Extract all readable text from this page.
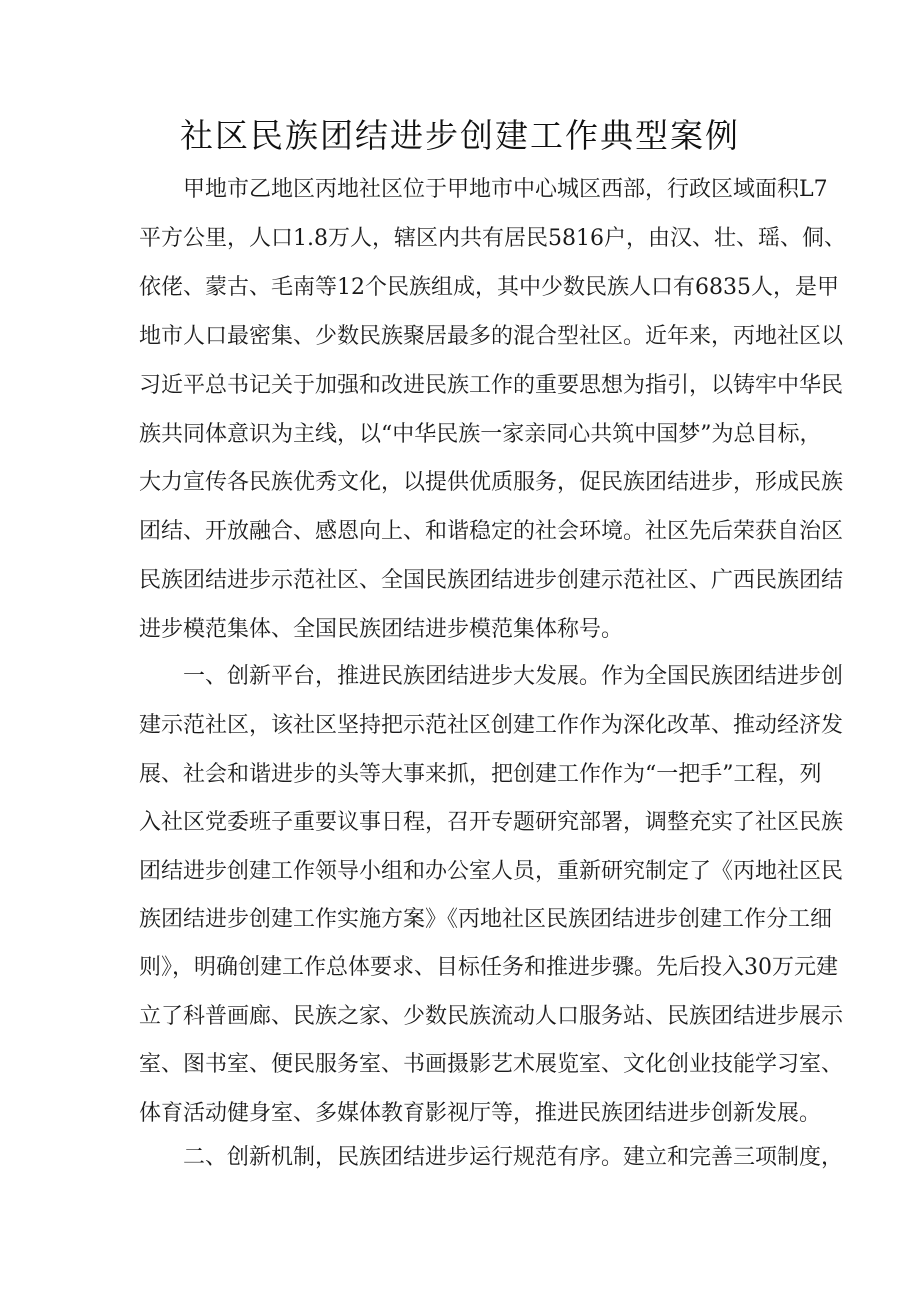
社区民族团结进步创建工作典型案例
甲地市乙地区丙地社区位于甲地市中心城区西部，行政区域面积L7
平方公里，人口1.8万人，辖区内共有居民5816户，由汉、壮、瑶、侗、
依佬、蒙古、毛南等12个民族组成，其中少数民族人口有6835人，是甲
地市人口最密集、少数民族聚居最多的混合型社区。近年来，丙地社区以
习近平总书记关于加强和改进民族工作的重要思想为指引，以铸牢中华民
族共同体意识为主线，以“中华民族一家亲同心共筑中国梦”为总目标，
大力宣传各民族优秀文化，以提供优质服务，促民族团结进步，形成民族
团结、开放融合、感恩向上、和谐稳定的社会环境。社区先后荣获自治区
民族团结进步示范社区、全国民族团结进步创建示范社区、广西民族团结
进步模范集体、全国民族团结进步模范集体称号。
一、创新平台，推进民族团结进步大发展。作为全国民族团结进步创
建示范社区，该社区坚持把示范社区创建工作作为深化改革、推动经济发
展、社会和谐进步的头等大事来抓，把创建工作作为“一把手”工程，列
入社区党委班子重要议事日程，召开专题研究部署，调整充实了社区民族
团结进步创建工作领导小组和办公室人员，重新研究制定了《丙地社区民
族团结进步创建工作实施方案》《丙地社区民族团结进步创建工作分工细
则》，明确创建工作总体要求、目标任务和推进步骤。先后投入30万元建
立了科普画廊、民族之家、少数民族流动人口服务站、民族团结进步展示
室、图书室、便民服务室、书画摄影艺术展览室、文化创业技能学习室、
体育活动健身室、多媒体教育影视厅等，推进民族团结进步创新发展。
二、创新机制，民族团结进步运行规范有序。建立和完善三项制度，
